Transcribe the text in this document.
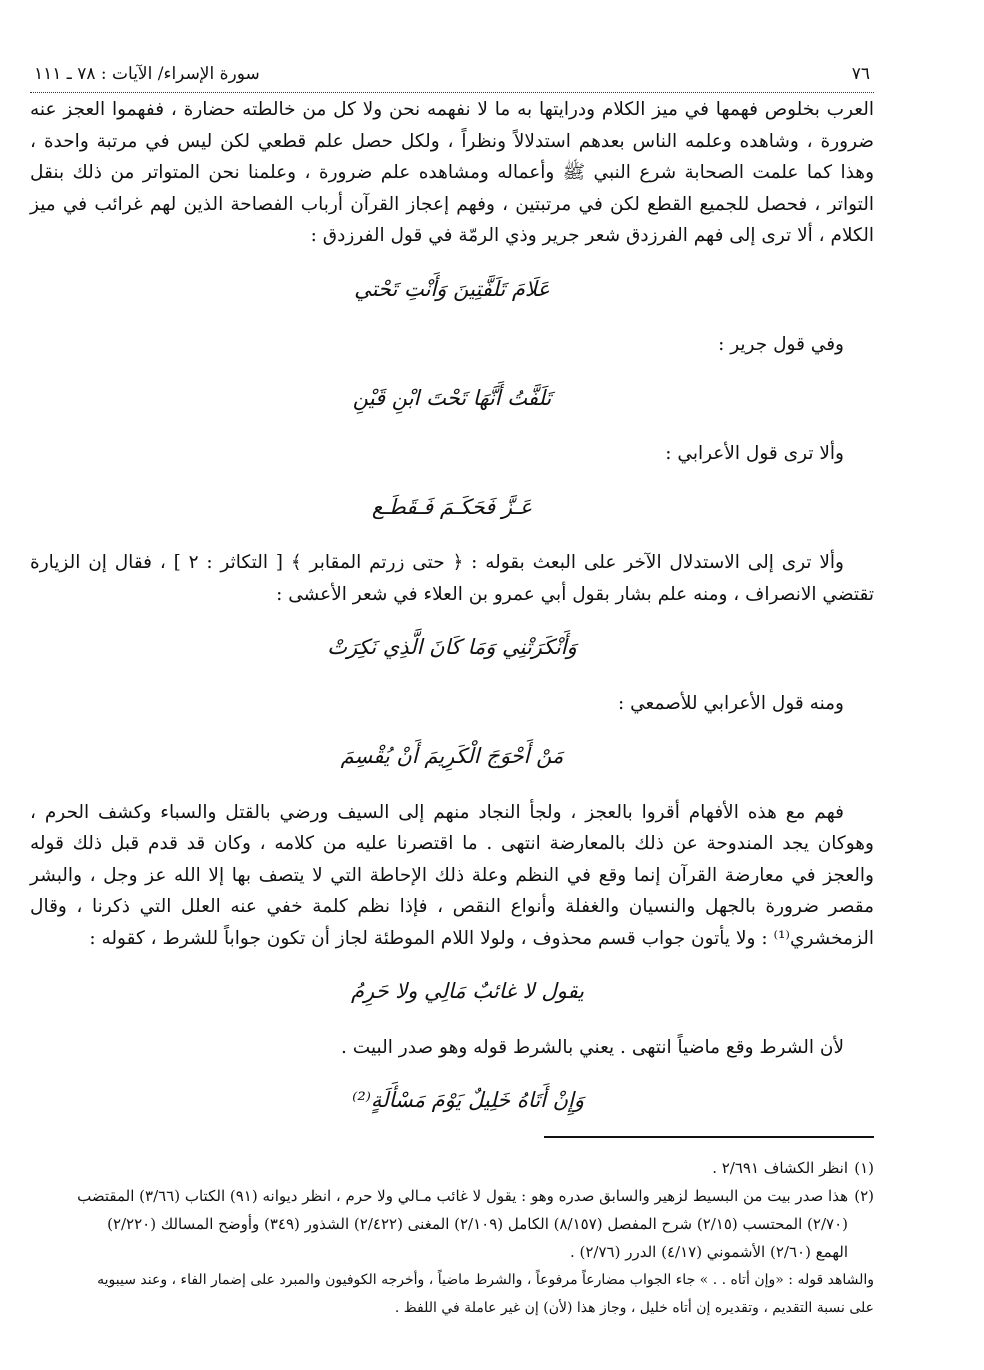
٧٦
سورة الإسراء/ الآيات : ٧٨ ـ ١١١

العرب بخلوص فهمها في ميز الكلام ودرايتها به ما لا نفهمه نحن ولا كل من خالطته حضارة ، ففهموا العجز عنه ضرورة ، وشاهده وعلمه الناس بعدهم استدلالاً ونظراً ، ولكل حصل علم قطعي لكن ليس في مرتبة واحدة ، وهذا كما علمت الصحابة شرع النبي ﷺ وأعماله ومشاهده علم ضرورة ، وعلمنا نحن المتواتر من ذلك بنقل التواتر ، فحصل للجميع القطع لكن في مرتبتين ، وفهم إعجاز القرآن أرباب الفصاحة الذين لهم غرائب في ميز الكلام ، ألا ترى إلى فهم الفرزدق شعر جرير وذي الرمّة في قول الفرزدق :

عَلَامَ تَلَفَّتِينَ وَأَنْتِ تَحْتي

وفي قول جرير :

تَلَفَّتُ أَنَّهَا تَحْتَ ابْنِ قَيْنِ

وألا ترى قول الأعرابي :

عَـزَّ فَحَكَـمَ فَـقَطَـع

وألا ترى إلى الاستدلال الآخر على البعث بقوله : ﴿ حتى زرتم المقابر ﴾ [ التكاثر : ٢ ] ، فقال إن الزيارة تقتضي الانصراف ، ومنه علم بشار بقول أبي عمرو بن العلاء في شعر الأعشى :

وَأَنْكَرَتْنِي وَمَا كَانَ الَّذِي نَكِرَتْ

ومنه قول الأعرابي للأصمعي :

مَنْ أَحْوَجَ الْكَرِيمَ أَنْ يُقْسِمَ

فهم مع هذه الأفهام أقروا بالعجز ، ولجأ النجاد منهم إلى السيف ورضي بالقتل والسباء وكشف الحرم ، وهوكان يجد المندوحة عن ذلك بالمعارضة انتهى . ما اقتصرنا عليه من كلامه ، وكان قد قدم قبل ذلك قوله والعجز في معارضة القرآن إنما وقع في النظم وعلة ذلك الإحاطة التي لا يتصف بها إلا الله عز وجل ، والبشر مقصر ضرورة بالجهل والنسيان والغفلة وأنواع النقص ، فإذا نظم كلمة خفي عنه العلل التي ذكرنا ، وقال الزمخشري⁽¹⁾ : ولا يأتون جواب قسم محذوف ، ولولا اللام الموطئة لجاز أن تكون جواباً للشرط ، كقوله :

يقول لا غائبٌ مَالِي ولا حَرِمُ

لأن الشرط وقع ماضياً انتهى . يعني بالشرط قوله وهو صدر البيت .

وَإِنْ أَتَاهُ خَلِيلٌ يَوْمَ مَسْأَلَةٍ⁽²⁾

(١)انظر الكشاف ٢/٦٩١ .

(٢)هذا صدر بيت من البسيط لزهير والسابق صدره وهو : يقول لا غائب مـالي ولا حرم ، انظر ديوانه (٩١) الكتاب (٣/٦٦) المقتضب

(٢/٧٠) المحتسب (٢/١٥) شرح المفصل (٨/١٥٧) الكامل (٢/١٠٩) المغنى (٢/٤٢٢) الشذور (٣٤٩) وأوضح المسالك (٢/٢٢٠)

الهمع (٢/٦٠) الأشموني (٤/١٧) الدرر (٢/٧٦) .

والشاهد قوله : «وإن أتاه . . » جاء الجواب مضارعاً مرفوعاً ، والشرط ماضياً ، وأخرجه الكوفيون والمبرد على إضمار الفاء ، وعند سيبويه

على نسبة التقديم ، وتقديره إن أتاه خليل ، وجاز هذا (لأن) إن غير عاملة في اللفظ .
